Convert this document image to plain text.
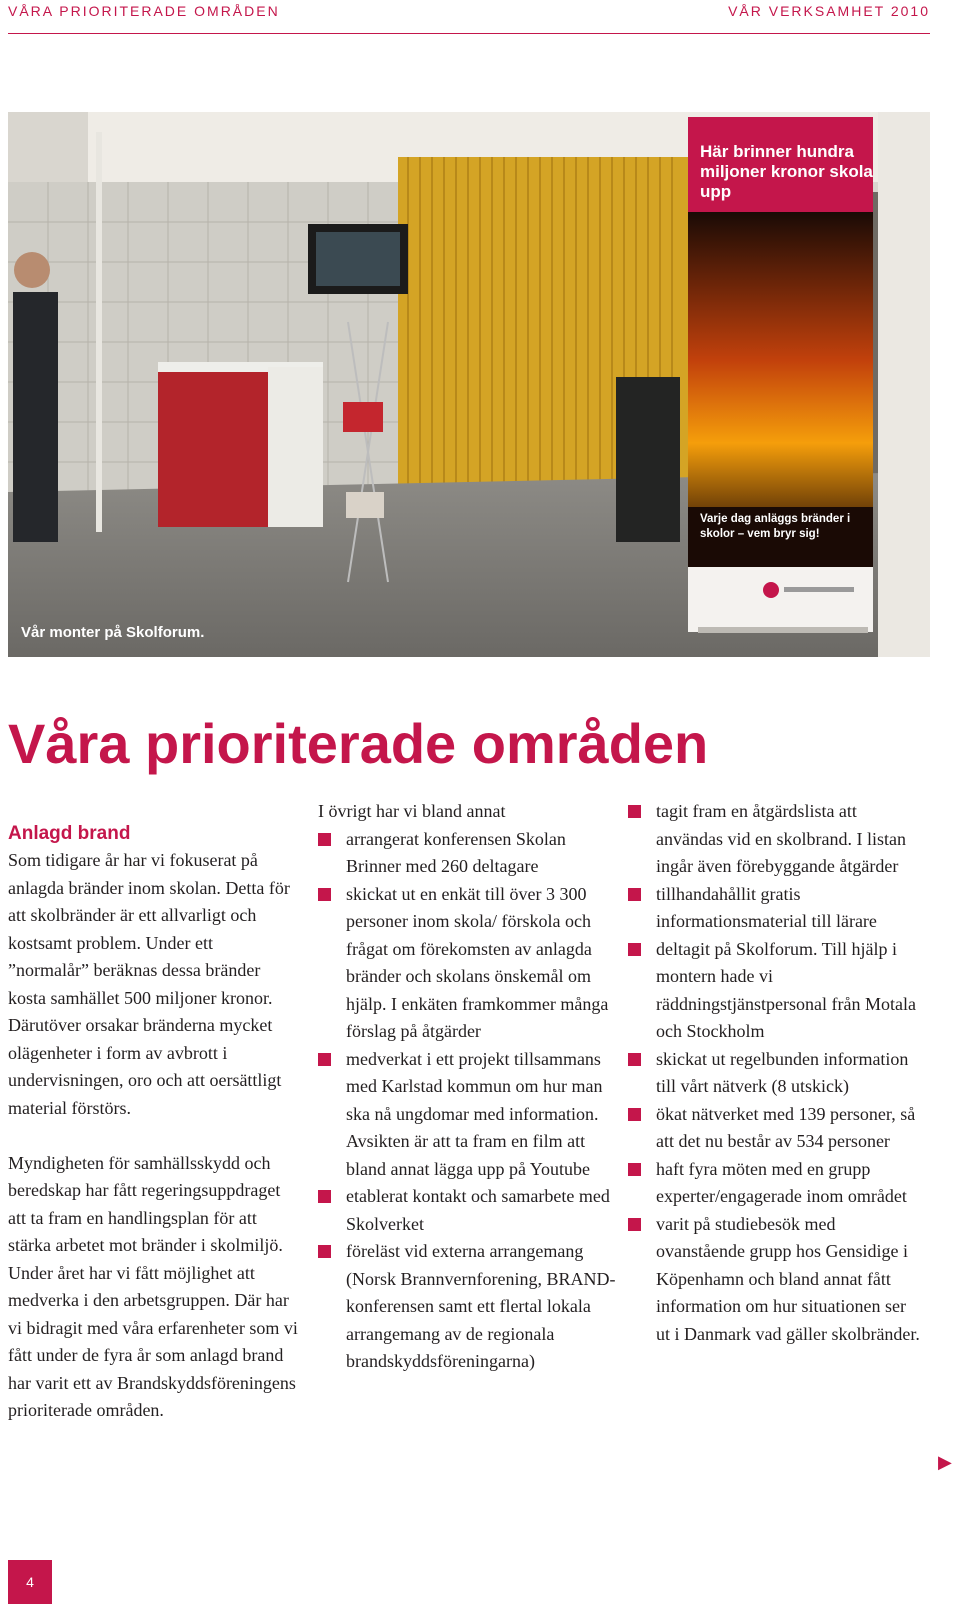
VÅRA PRIORITERADE OMRÅDEN	VÅR VERKSAMHET 2010
Här brinner hundra miljoner kronor skola upp
Varje dag anläggs bränder i skolor – vem bryr sig!
Vår monter på Skolforum.
Våra prioriterade områden
Anlagd brand

Som tidigare år har vi fokuserat på anlagda bränder inom skolan. Detta för att skolbränder är ett allvarligt och kostsamt problem. Under ett ”normalår” beräknas dessa bränder kosta samhället 500 miljoner kronor. Därutöver orsakar bränderna mycket olägenheter i form av avbrott i undervisningen, oro och att oersättligt material förstörs.

Myndigheten för samhällsskydd och beredskap har fått regeringsuppdraget att ta fram en handlingsplan för att stärka arbetet mot bränder i skolmiljö. Under året har vi fått möjlighet att medverka i den arbetsgruppen. Där har vi bidragit med våra erfarenheter som vi fått under de fyra år som anlagd brand har varit ett av Brandskyddsföreningens prioriterade områden.

I övrigt har vi bland annat

arrangerat konferensen Skolan Brinner med 260 deltagare
skickat ut en enkät till över 3 300 personer inom skola/ förskola och frågat om förekomsten av anlagda bränder och skolans önskemål om hjälp. I enkäten framkommer många förslag på åtgärder
medverkat i ett projekt tillsammans med Karlstad kommun om hur man ska nå ungdomar med information. Avsikten är att ta fram en film att bland annat lägga upp på Youtube
etablerat kontakt och samarbete med Skolverket
föreläst vid externa arrangemang (Norsk Brannvernforening, BRAND-konferensen samt ett flertal lokala arrangemang av de regionala brandskyddsföreningarna)
tagit fram en åtgärdslista att användas vid en skolbrand. I listan ingår även förebyggande åtgärder
tillhandahållit gratis informationsmaterial till lärare
deltagit på Skolforum. Till hjälp i montern hade vi räddningstjänstpersonal från Motala och Stockholm
skickat ut regelbunden information till vårt nätverk (8 utskick)
ökat nätverket med 139 personer, så att det nu består av 534 personer
haft fyra möten med en grupp experter/engagerade inom området
varit på studiebesök med ovanstående grupp hos Gensidige i Köpenhamn och bland annat fått information om hur situationen ser ut i Danmark vad gäller skolbränder.
▶
4
